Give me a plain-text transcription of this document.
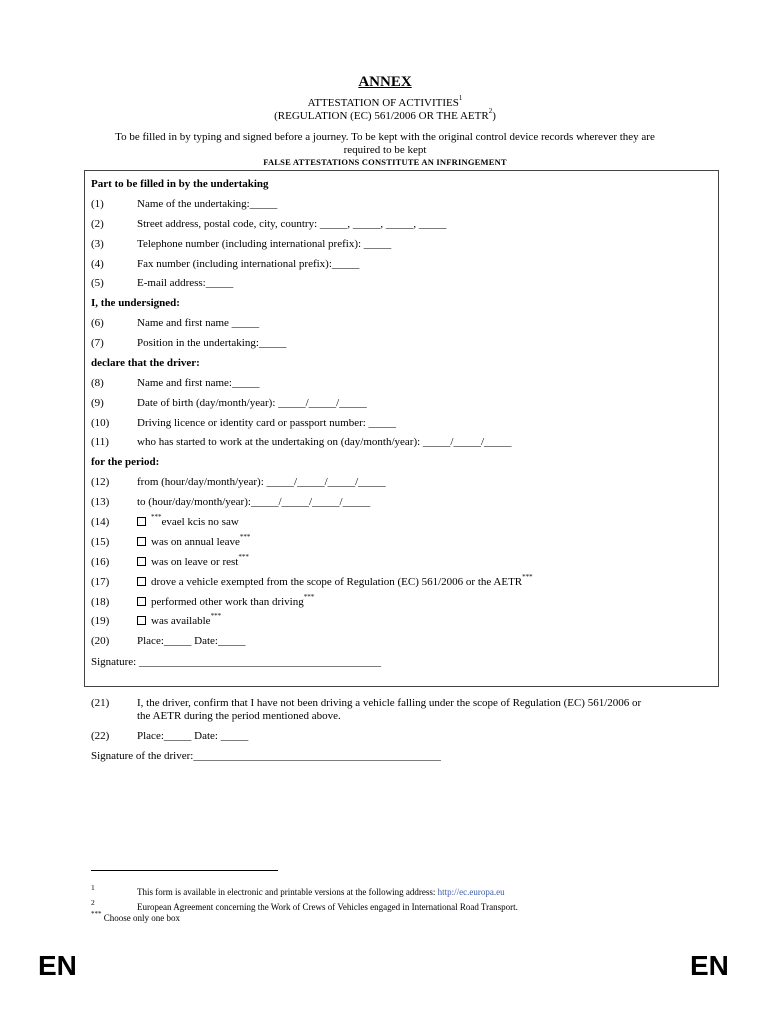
ANNEX
ATTESTATION OF ACTIVITIES$^1$
(REGULATION (EC) 561/2006 OR THE AETR$^2$)
To be filled in by typing and signed before a journey. To be kept with the original control device records wherever they are
required to be kept
FALSE ATTESTATIONS CONSTITUTE AN INFRINGEMENT
Part to be filled in by the undertaking
(1)	Name of the undertaking:_____
(2)	Street address, postal code, city, country: _____, _____, _____, _____
(3)	Telephone number (including international prefix): _____
(4)	Fax number (including international prefix):_____
(5)	E-mail address:_____
I, the undersigned:
(6)	Name and first name _____
(7)	Position in the undertaking:_____
declare that the driver:
(8)	Name and first name:_____
(9)	Date of birth (day/month/year): _____/_____/_____
(10)	Driving licence or identity card or passport number: _____
(11)	who has started to work at the undertaking on (day/month/year): _____/_____/_____
for the period:
(12)	from (hour/day/month/year): _____/_____/_____/_____
(13)	to (hour/day/month/year):_____/_____/_____/_____
(14)	***evael kcis no saw
(15)	was on annual leave***
(16)	was on leave or rest***
(17)	drove a vehicle exempted from the scope of Regulation (EC) 561/2006 or the AETR***
(18)	performed other work than driving***
(19)	was available***
(20)	Place:_____ Date:_____
Signature: ____________________________________________
(21)	I, the driver, confirm that I have not been driving a vehicle falling under the scope of Regulation (EC) 561/2006 or
the AETR during the period mentioned above.
(22)	Place:_____ Date: _____
Signature of the driver:_____________________________________________
1	This form is available in electronic and printable versions at the following address: http://ec.europa.eu
2	European Agreement concerning the Work of Crews of Vehicles engaged in International Road Transport.
*** Choose only one box
EN	EN
